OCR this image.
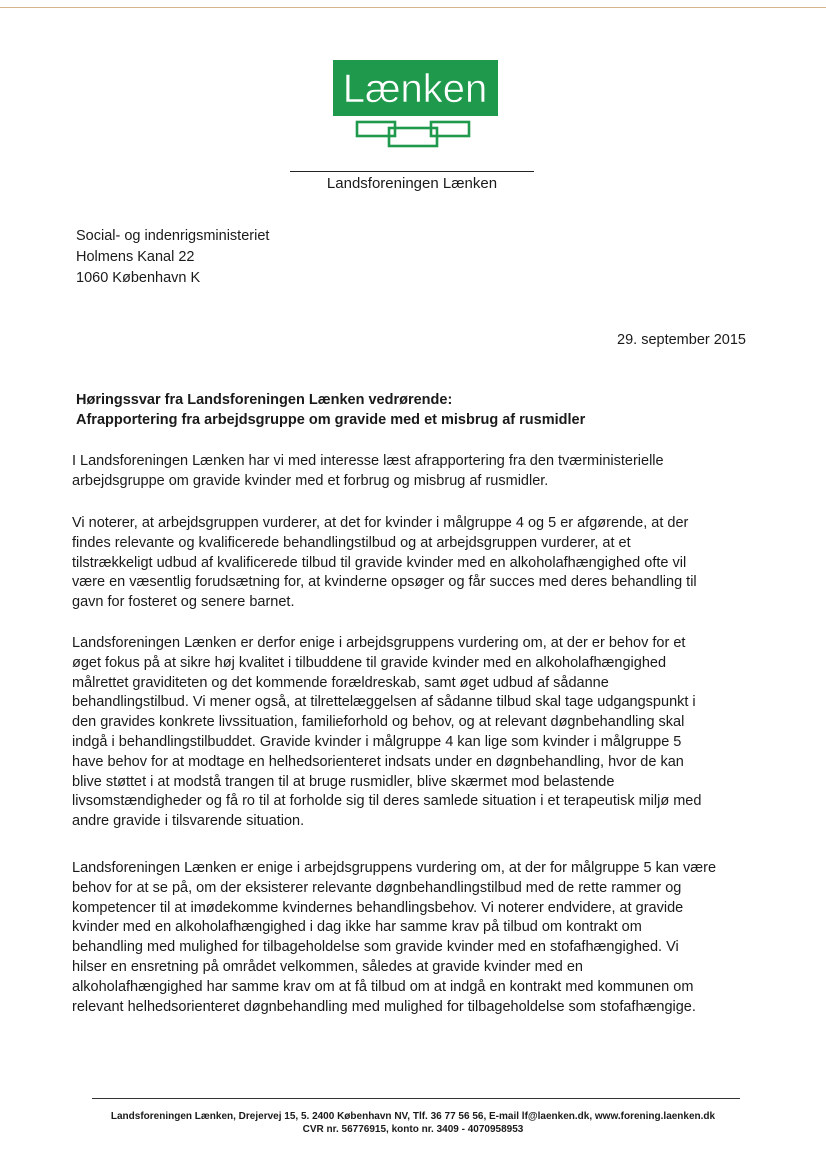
Lænken
Landsforeningen Lænken
Social- og indenrigsministeriet
Holmens Kanal 22
1060 København K
29. september 2015
Høringssvar fra Landsforeningen Lænken vedrørende:
Afrapportering fra arbejdsgruppe om gravide med et misbrug af rusmidler
I Landsforeningen Lænken har vi med interesse læst afrapportering fra den tværministerielle
arbejdsgruppe om gravide kvinder med et forbrug og misbrug af rusmidler.
Vi noterer, at arbejdsgruppen vurderer, at det for kvinder i målgruppe 4 og 5 er afgørende, at der
findes relevante og kvalificerede behandlingstilbud og at arbejdsgruppen vurderer, at et
tilstrækkeligt udbud af kvalificerede tilbud til gravide kvinder med en alkoholafhængighed ofte vil
være en væsentlig forudsætning for, at kvinderne opsøger og får succes med deres behandling til
gavn for fosteret og senere barnet.
Landsforeningen Lænken er derfor enige i arbejdsgruppens vurdering om, at der er behov for et
øget fokus på at sikre høj kvalitet i tilbuddene til gravide kvinder med en alkoholafhængighed
målrettet graviditeten og det kommende forældreskab, samt øget udbud af sådanne
behandlingstilbud. Vi mener også, at tilrettelæggelsen af sådanne tilbud skal tage udgangspunkt i
den gravides konkrete livssituation, familieforhold og behov, og at relevant døgnbehandling skal
indgå i behandlingstilbuddet. Gravide kvinder i målgruppe 4 kan lige som kvinder i målgruppe 5
have behov for at modtage en helhedsorienteret indsats under en døgnbehandling, hvor de kan
blive støttet i at modstå trangen til at bruge rusmidler, blive skærmet mod belastende
livsomstændigheder og få ro til at forholde sig til deres samlede situation i et terapeutisk miljø med
andre gravide i tilsvarende situation.
Landsforeningen Lænken er enige i arbejdsgruppens vurdering om, at der for målgruppe 5 kan være
behov for at se på, om der eksisterer relevante døgnbehandlingstilbud med de rette rammer og
kompetencer til at imødekomme kvindernes behandlingsbehov. Vi noterer endvidere, at gravide
kvinder med en alkoholafhængighed i dag ikke har samme krav på tilbud om kontrakt om
behandling med mulighed for tilbageholdelse som gravide kvinder med en stofafhængighed. Vi
hilser en ensretning på området velkommen, således at gravide kvinder med en
alkoholafhængighed har samme krav om at få tilbud om at indgå en kontrakt med kommunen om
relevant helhedsorienteret døgnbehandling med mulighed for tilbageholdelse som stofafhængige.
Landsforeningen Lænken, Drejervej 15, 5. 2400 København NV, Tlf. 36 77 56 56, E-mail lf@laenken.dk, www.forening.laenken.dk
CVR nr. 56776915, konto nr. 3409 - 4070958953
